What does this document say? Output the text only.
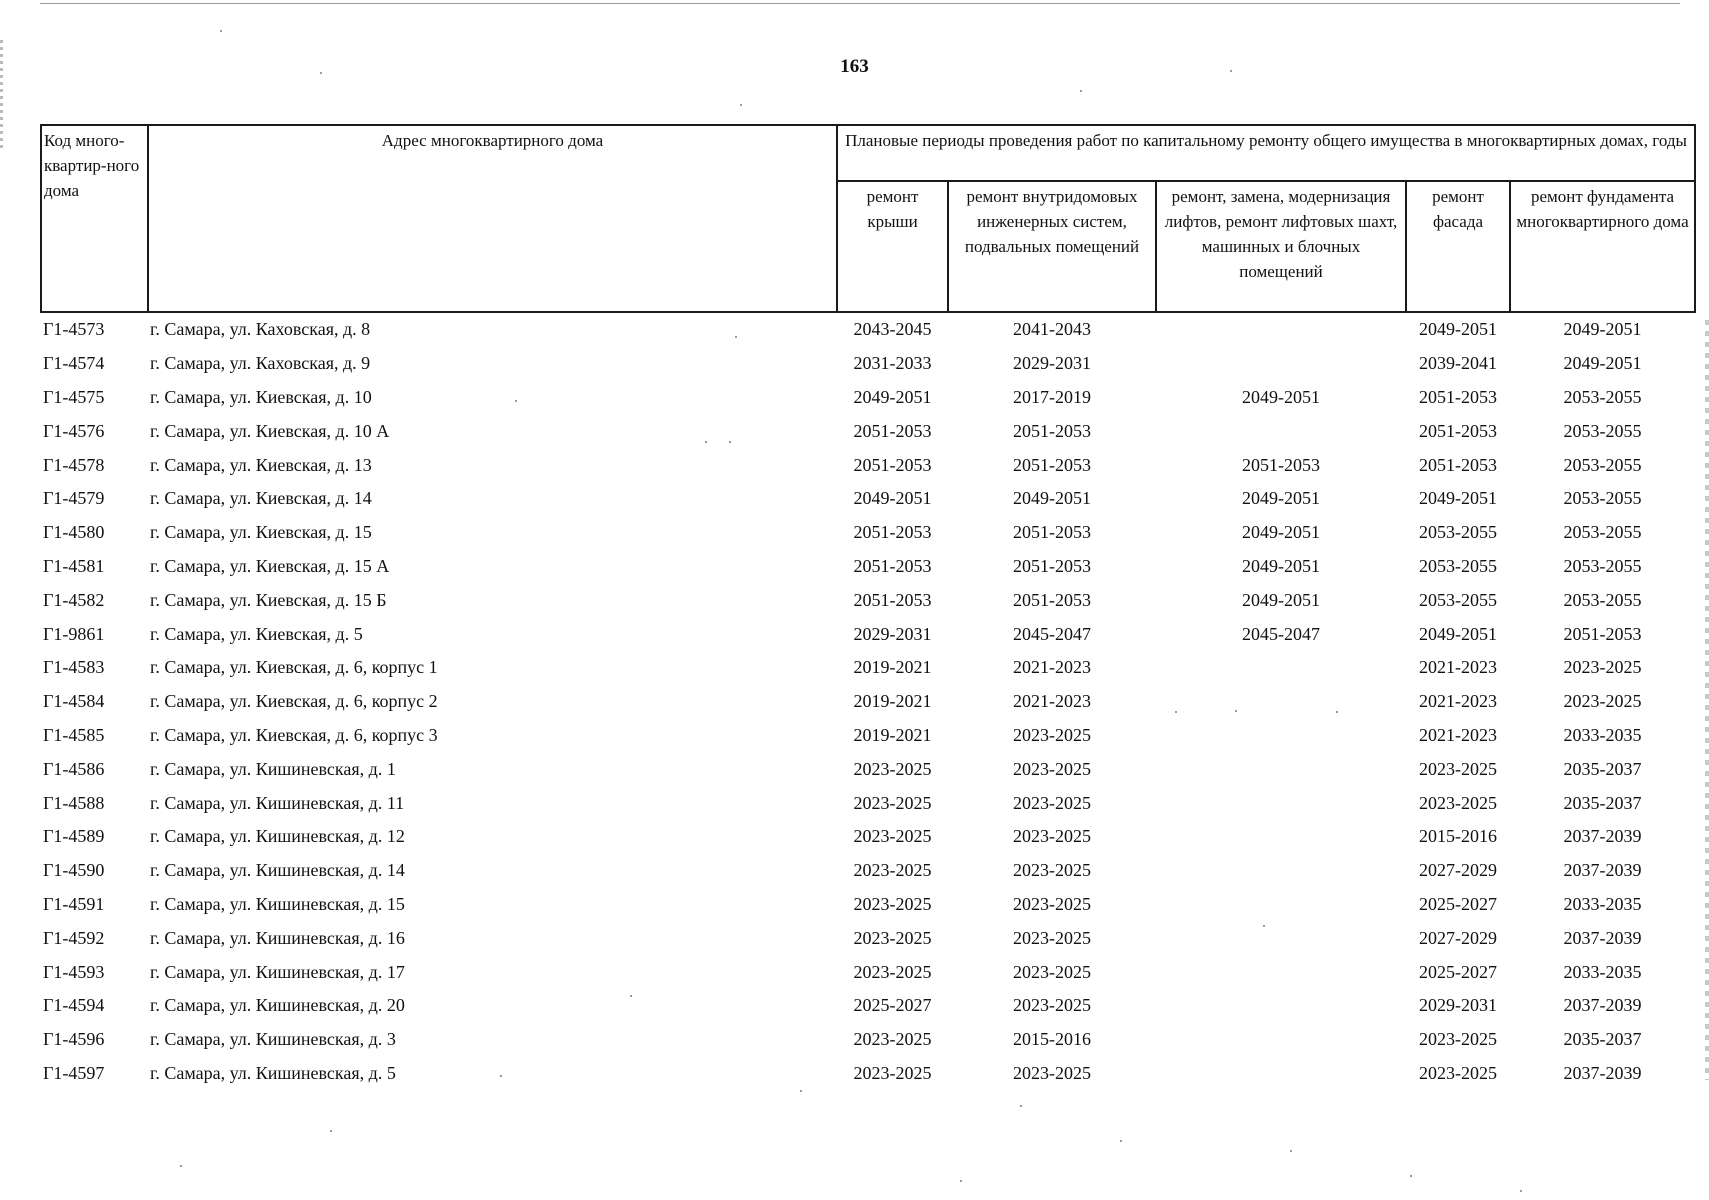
163
Код много-квартир-ного дома	Адрес многоквартирного дома	Плановые периоды проведения работ по капитальному ремонту общего имущества в многоквартирных домах, годы				
		ремонт крыши	ремонт внутридомовых инженерных систем, подвальных помещений	ремонт, замена, модернизация лифтов, ремонт лифтовых шахт, машинных и блочных помещений	ремонт фасада	ремонт фундамента многоквартирного дома
Г1-4573	г. Самара, ул. Каховская, д. 8	2043-2045	2041-2043		2049-2051	2049-2051
Г1-4574	г. Самара, ул. Каховская, д. 9	2031-2033	2029-2031		2039-2041	2049-2051
Г1-4575	г. Самара, ул. Киевская, д. 10	2049-2051	2017-2019	2049-2051	2051-2053	2053-2055
Г1-4576	г. Самара, ул. Киевская, д. 10 А	2051-2053	2051-2053		2051-2053	2053-2055
Г1-4578	г. Самара, ул. Киевская, д. 13	2051-2053	2051-2053	2051-2053	2051-2053	2053-2055
Г1-4579	г. Самара, ул. Киевская, д. 14	2049-2051	2049-2051	2049-2051	2049-2051	2053-2055
Г1-4580	г. Самара, ул. Киевская, д. 15	2051-2053	2051-2053	2049-2051	2053-2055	2053-2055
Г1-4581	г. Самара, ул. Киевская, д. 15 А	2051-2053	2051-2053	2049-2051	2053-2055	2053-2055
Г1-4582	г. Самара, ул. Киевская, д. 15 Б	2051-2053	2051-2053	2049-2051	2053-2055	2053-2055
Г1-9861	г. Самара, ул. Киевская, д. 5	2029-2031	2045-2047	2045-2047	2049-2051	2051-2053
Г1-4583	г. Самара, ул. Киевская, д. 6, корпус 1	2019-2021	2021-2023		2021-2023	2023-2025
Г1-4584	г. Самара, ул. Киевская, д. 6, корпус 2	2019-2021	2021-2023		2021-2023	2023-2025
Г1-4585	г. Самара, ул. Киевская, д. 6, корпус 3	2019-2021	2023-2025		2021-2023	2033-2035
Г1-4586	г. Самара, ул. Кишиневская, д. 1	2023-2025	2023-2025		2023-2025	2035-2037
Г1-4588	г. Самара, ул. Кишиневская, д. 11	2023-2025	2023-2025		2023-2025	2035-2037
Г1-4589	г. Самара, ул. Кишиневская, д. 12	2023-2025	2023-2025		2015-2016	2037-2039
Г1-4590	г. Самара, ул. Кишиневская, д. 14	2023-2025	2023-2025		2027-2029	2037-2039
Г1-4591	г. Самара, ул. Кишиневская, д. 15	2023-2025	2023-2025		2025-2027	2033-2035
Г1-4592	г. Самара, ул. Кишиневская, д. 16	2023-2025	2023-2025		2027-2029	2037-2039
Г1-4593	г. Самара, ул. Кишиневская, д. 17	2023-2025	2023-2025		2025-2027	2033-2035
Г1-4594	г. Самара, ул. Кишиневская, д. 20	2025-2027	2023-2025		2029-2031	2037-2039
Г1-4596	г. Самара, ул. Кишиневская, д. 3	2023-2025	2015-2016		2023-2025	2035-2037
Г1-4597	г. Самара, ул. Кишиневская, д. 5	2023-2025	2023-2025		2023-2025	2037-2039
